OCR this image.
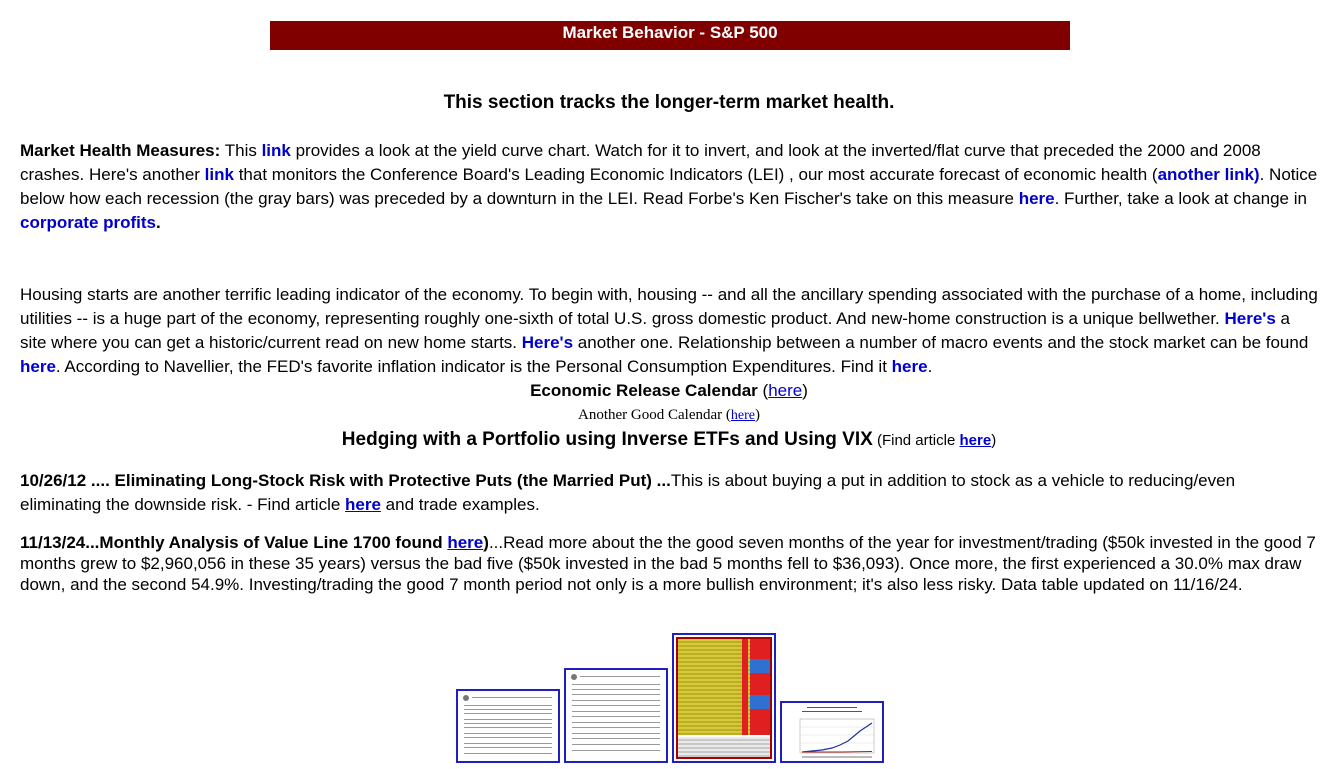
Market Behavior - S&P 500
This section tracks the longer-term market health.
Market Health Measures: This link provides a look at the yield curve chart. Watch for it to invert, and look at the inverted/flat curve that preceded the 2000 and 2008 crashes. Here's another link that monitors the Conference Board's Leading Economic Indicators (LEI) , our most accurate forecast of economic health (another link). Notice below how each recession (the gray bars) was preceded by a downturn in the LEI. Read Forbe's Ken Fischer's take on this measure here. Further, take a look at change in corporate profits.
Housing starts are another terrific leading indicator of the economy. To begin with, housing -- and all the ancillary spending associated with the purchase of a home, including utilities -- is a huge part of the economy, representing roughly one-sixth of total U.S. gross domestic product. And new-home construction is a unique bellwether. Here's a site where you can get a historic/current read on new home starts. Here's another one. Relationship between a number of macro events and the stock market can be found here. According to Navellier, the FED's favorite inflation indicator is the Personal Consumption Expenditures. Find it here.
Economic Release Calendar (here)
Another Good Calendar (here)
Hedging with a Portfolio using Inverse ETFs and Using VIX (Find article here)
10/26/12 .... Eliminating Long-Stock Risk with Protective Puts (the Married Put) ...This is about buying a put in addition to stock as a vehicle to reducing/even eliminating the downside risk. - Find article here and trade examples.
11/13/24...Monthly Analysis of Value Line 1700 found here)...Read more about the the good seven months of the year for investment/trading ($50k invested in the good 7 months grew to $2,960,056 in these 35 years) versus the bad five ($50k invested in the bad 5 months fell to $36,093). Once more, the first experienced a 30.0% max draw down, and the second 54.9%. Investing/trading the good 7 month period not only is a more bullish environment; it's also less risky. Data table updated on 11/16/24.
